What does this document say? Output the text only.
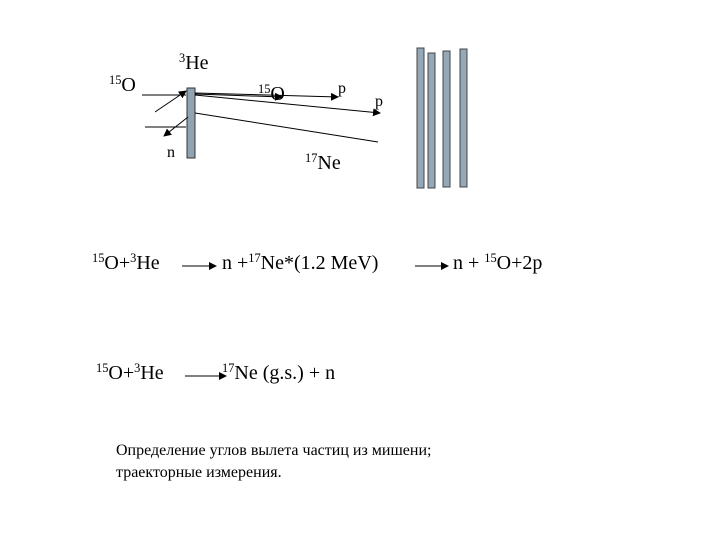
$^3$He
$^{15}$O	$^{15}$O
n
p
p
$^{17}$Ne
$^{15}$O+$^3$He	n +$^{17}$Ne*(1.2 MeV)	n + $^{15}$O+2p
$^{15}$O+$^3$He	$^{17}$Ne (g.s.) + n
Определение углов вылета частиц из мишени;
траекторные измерения.
